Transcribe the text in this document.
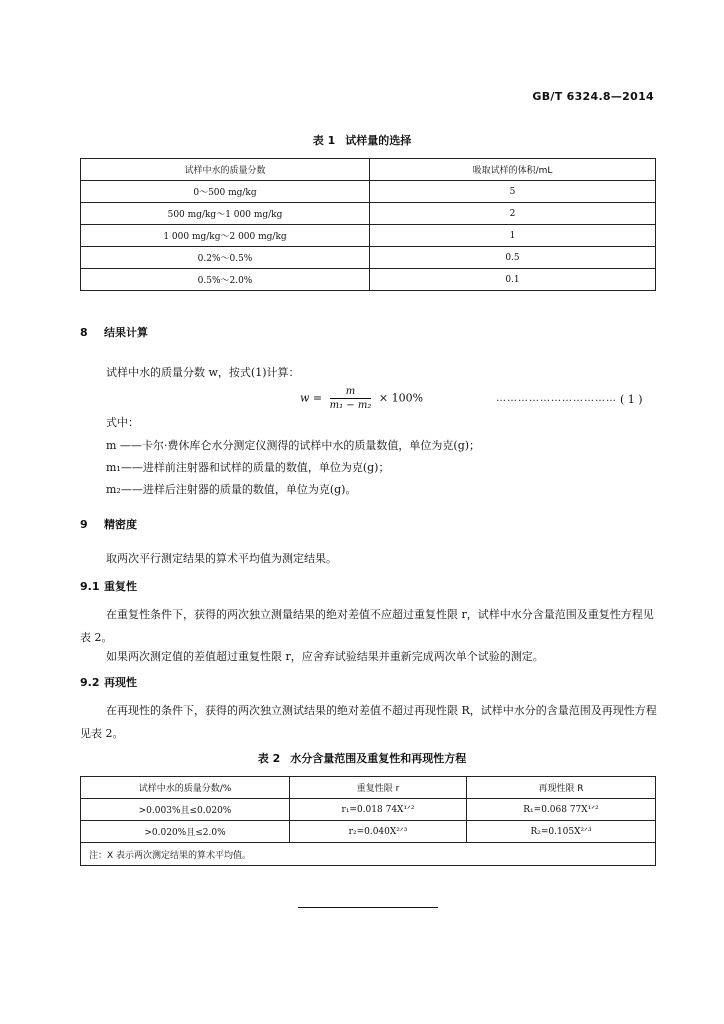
GB/T 6324.8—2014
表 1 试样量的选择
试样中水的质量分数	吸取试样的体积/mL
0～500 mg/kg	5
500 mg/kg～1 000 mg/kg	2
1 000 mg/kg～2 000 mg/kg	1
0.2%～0.5%	0.5
0.5%～2.0%	0.1
8 结果计算
试样中水的质量分数 w，按式(1)计算：
$w = \frac{m}{\text{m₁ − m₂}} \times 100\%$	…………………………… ( 1 )
式中：
m ——卡尔·费休库仑水分测定仪测得的试样中水的质量数值，单位为克(g)；
m₁——进样前注射器和试样的质量的数值，单位为克(g)；
m₂——进样后注射器的质量的数值，单位为克(g)。
9 精密度
取两次平行测定结果的算术平均值为测定结果。
9.1 重复性
在重复性条件下，获得的两次独立测量结果的绝对差值不应超过重复性限 r，试样中水分含量范围及重复性方程见表 2。
如果两次测定值的差值超过重复性限 r，应舍弃试验结果并重新完成两次单个试验的测定。
9.2 再现性
在再现性的条件下，获得的两次独立测试结果的绝对差值不超过再现性限 R，试样中水分的含量范围及再现性方程见表 2。
表 2 水分含量范围及重复性和再现性方程
试样中水的质量分数/%	重复性限 r	再现性限 R
>0.003%且≤0.020%	r₁=0.018 74X¹ᐟ²	R₁=0.068 77X¹ᐟ²
>0.020%且≤2.0%	r₂=0.040X²ᐟ³	R₂=0.105X²ᐟ³
注：X 表示两次测定结果的算术平均值。		
